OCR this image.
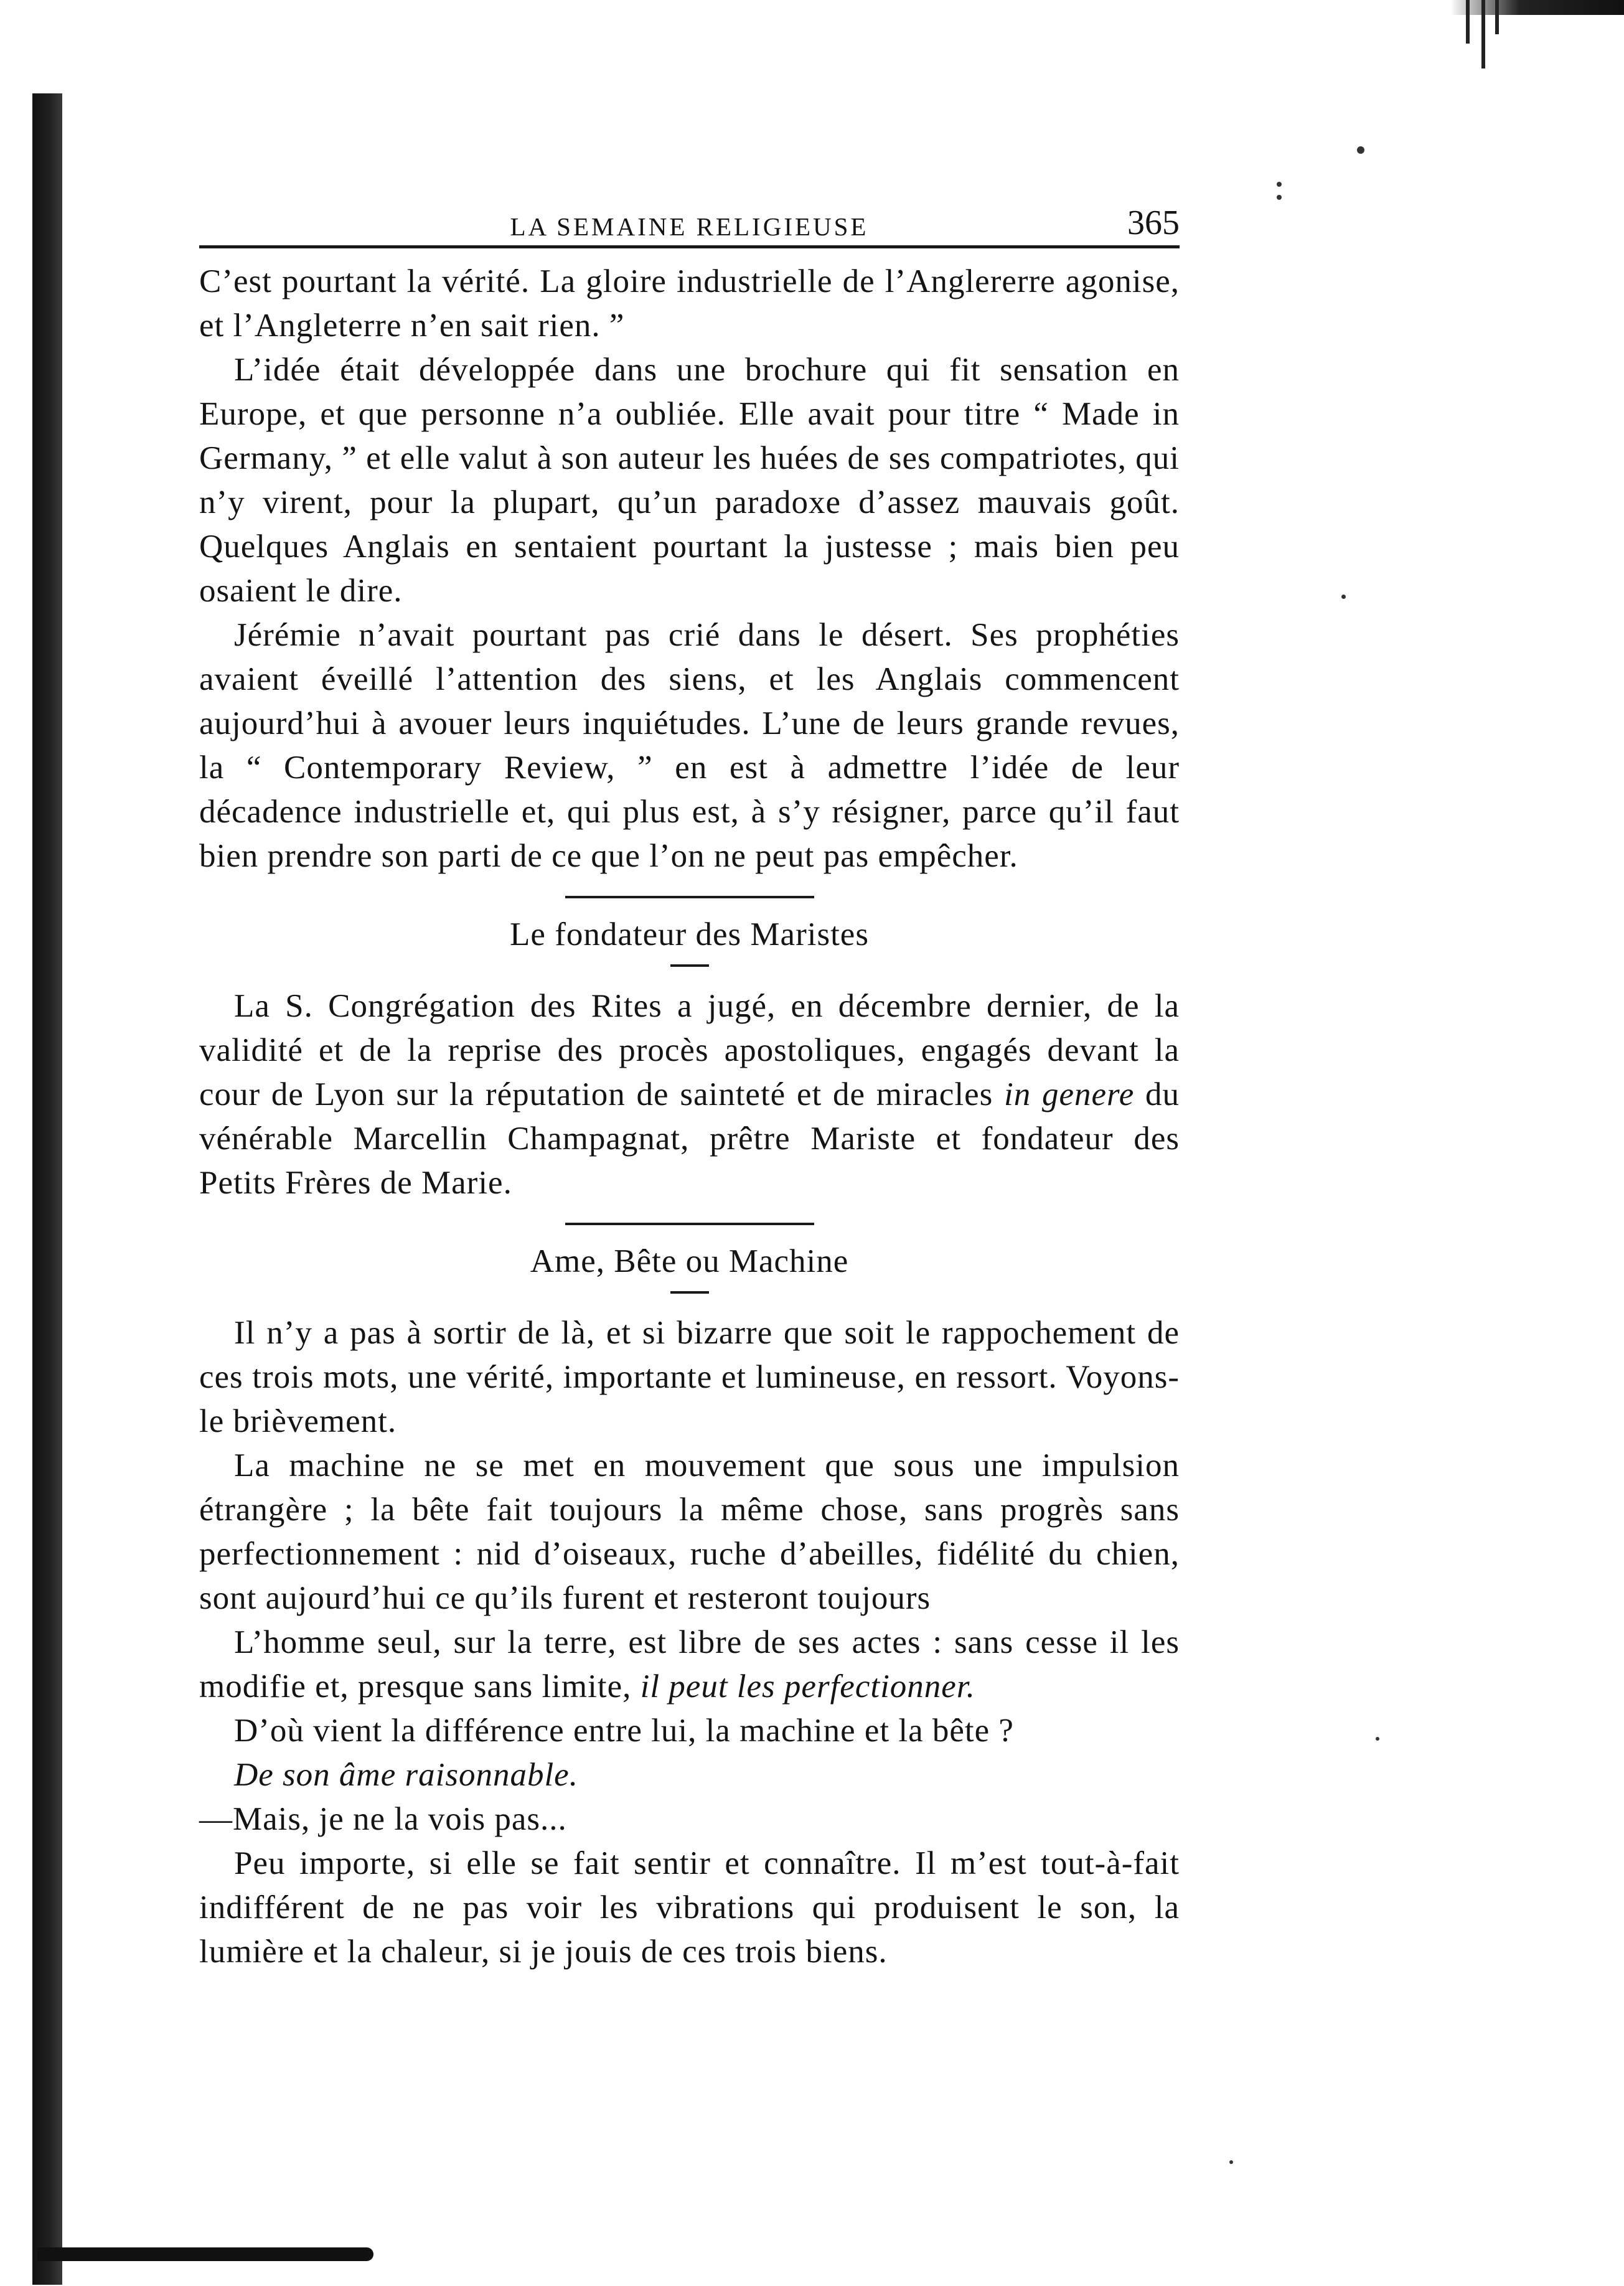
LA SEMAINE RELIGIEUSE	365

C’est pourtant la vérité. La gloire industrielle de l’Anglererre agonise, et l’Angleterre n’en sait rien. ”

L’idée était développée dans une brochure qui fit sensation en Europe, et que personne n’a oubliée. Elle avait pour titre “ Made in Germany, ” et elle valut à son auteur les huées de ses compatriotes, qui n’y virent, pour la plupart, qu’un paradoxe d’assez mauvais goût. Quelques Anglais en sentaient pourtant la justesse ; mais bien peu osaient le dire.

Jérémie n’avait pourtant pas crié dans le désert. Ses prophéties avaient éveillé l’attention des siens, et les Anglais commencent aujourd’hui à avouer leurs inquiétudes. L’une de leurs grande revues, la “ Contemporary Review, ” en est à admettre l’idée de leur décadence industrielle et, qui plus est, à s’y résigner, parce qu’il faut bien prendre son parti de ce que l’on ne peut pas empêcher.

Le fondateur des Maristes

La S. Congrégation des Rites a jugé, en décembre dernier, de la validité et de la reprise des procès apostoliques, engagés devant la cour de Lyon sur la réputation de sainteté et de miracles in genere du vénérable Marcellin Champagnat, prêtre Mariste et fondateur des Petits Frères de Marie.

Ame, Bête ou Machine

Il n’y a pas à sortir de là, et si bizarre que soit le rappochement de ces trois mots, une vérité, importante et lumineuse, en ressort. Voyons-le brièvement.

La machine ne se met en mouvement que sous une impulsion étrangère ; la bête fait toujours la même chose, sans progrès sans perfectionnement : nid d’oiseaux, ruche d’abeilles, fidélité du chien, sont aujourd’hui ce qu’ils furent et resteront toujours

L’homme seul, sur la terre, est libre de ses actes : sans cesse il les modifie et, presque sans limite, il peut les perfectionner.

D’où vient la différence entre lui, la machine et la bête ?

De son âme raisonnable.

—Mais, je ne la vois pas...

Peu importe, si elle se fait sentir et connaître. Il m’est tout-à-fait indifférent de ne pas voir les vibrations qui produisent le son, la lumière et la chaleur, si je jouis de ces trois biens.
